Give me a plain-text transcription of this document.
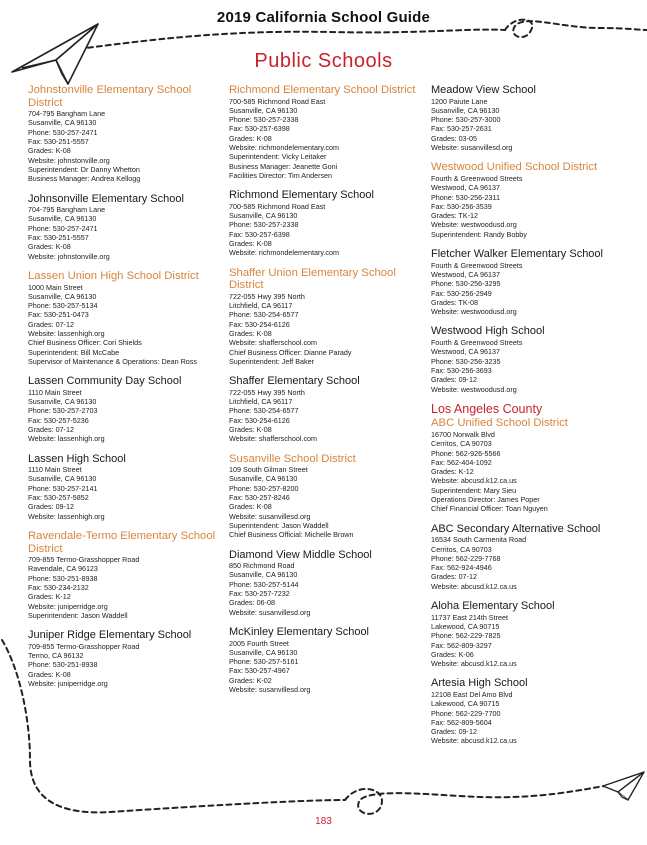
2019 California School Guide
Public Schools
Johnstonville Elementary School District
704-795 Bangham Lane
Susanville, CA 96130
Phone: 530-257-2471
Fax: 530-251-5557
Grades: K-08
Website: johnstonville.org
Superintendent: Dr Danny Whetton
Business Manager: Andrea Kellogg
Johnsonville Elementary School
704-795 Bangham Lane
Susanville, CA 96130
Phone: 530-257-2471
Fax: 530-251-5557
Grades: K-08
Website: johnstonville.org
Lassen Union High School District
1000 Main Street
Susanville, CA 96130
Phone: 530-257-5134
Fax: 530-251-0473
Grades: 07-12
Website: lassenhigh.org
Chief Business Officer: Cori Shields
Superintendent: Bill McCabe
Supervisor of Maintenance & Operations: Dean Ross
Lassen Community Day School
1110 Main Street
Susanville, CA 96130
Phone: 530-257-2703
Fax: 530-257-5236
Grades: 07-12
Website: lassenhigh.org
Lassen High School
1110 Main Street
Susanville, CA 96130
Phone: 530-257-2141
Fax: 530-257-5852
Grades: 09-12
Website: lassenhigh.org
Ravendale-Termo Elementary School District
709-855 Termo-Grasshopper Road
Ravendale, CA 96123
Phone: 530-251-8938
Fax: 530-234-2132
Grades: K-12
Website: juniperridge.org
Superintendent: Jason Waddell
Juniper Ridge Elementary School
709-855 Termo-Grasshopper Road
Termo, CA 96132
Phone: 530-251-8938
Grades: K-08
Website: juniperridge.org
Richmond Elementary School District
700-585 Richmond Road East
Susanville, CA 96130
Phone: 530-257-2338
Fax: 530-257-6398
Grades: K-08
Website: richmondelementary.com
Superintendent: Vicky Leitaker
Business Manager: Jeanette Goni
Facilities Director: Tim Andersen
Richmond Elementary School
700-585 Richmond Road East
Susanville, CA 96130
Phone: 530-257-2338
Fax: 530-257-6398
Grades: K-08
Website: richmondelementary.com
Shaffer Union Elementary School District
722-055 Hwy 395 North
Litchfield, CA 96117
Phone: 530-254-6577
Fax: 530-254-6126
Grades: K-08
Website: shafferschool.com
Chief Business Officer: Dianne Parady
Superintendent: Jeff Baker
Shaffer Elementary School
722-055 Hwy 395 North
Litchfield, CA 96117
Phone: 530-254-6577
Fax: 530-254-6126
Grades: K-08
Website: shafferschool.com
Susanville School District
109 South Gilman Street
Susanville, CA 96130
Phone: 530-257-8200
Fax: 530-257-8246
Grades: K-08
Website: susanvillesd.org
Superintendent: Jason Waddell
Chief Business Official: Michelle Brown
Diamond View Middle School
850 Richmond Road
Susanville, CA 96130
Phone: 530-257-5144
Fax: 530-257-7232
Grades: 06-08
Website: susanvillesd.org
McKinley Elementary School
2005 Fourth Street
Susanville, CA 96130
Phone: 530-257-5161
Fax: 530-257-4967
Grades: K-02
Website: susanvillesd.org
Meadow View School
1200 Paiute Lane
Susanville, CA 96130
Phone: 530-257-3000
Fax: 530-257-2631
Grades: 03-05
Website: susanvillesd.org
Westwood Unified School District
Fourth & Greenwood Streets
Westwood, CA 96137
Phone: 530-256-2311
Fax: 530-256-3539
Grades: TK-12
Website: westwoodusd.org
Superintendent: Randy Bobby
Fletcher Walker Elementary School
Fourth & Greenwood Streets
Westwood, CA 96137
Phone: 530-256-3295
Fax: 530-256-2949
Grades: TK-08
Website: westwoodusd.org
Westwood High School
Fourth & Greenwood Streets
Westwood, CA 96137
Phone: 530-256-3235
Fax: 530-256-3693
Grades: 09-12
Website: westwoodusd.org
Los Angeles County
ABC Unified School District
16700 Norwalk Blvd
Cerritos, CA 90703
Phone: 562-926-5566
Fax: 562-404-1092
Grades: K-12
Website: abcusd.k12.ca.us
Superintendent: Mary Sieu
Operations Director: James Poper
Chief Financial Officer: Toan Nguyen
ABC Secondary Alternative School
16534 South Carmenita Road
Cerritos, CA 90703
Phone: 562-229-7768
Fax: 562-924-4946
Grades: 07-12
Website: abcusd.k12.ca.us
Aloha Elementary School
11737 East 214th Street
Lakewood, CA 90715
Phone: 562-229-7825
Fax: 562-809-3297
Grades: K-06
Website: abcusd.k12.ca.us
Artesia High School
12108 East Del Amo Blvd
Lakewood, CA 90715
Phone: 562-229-7700
Fax: 562-809-5604
Grades: 09-12
Website: abcusd.k12.ca.us
183
